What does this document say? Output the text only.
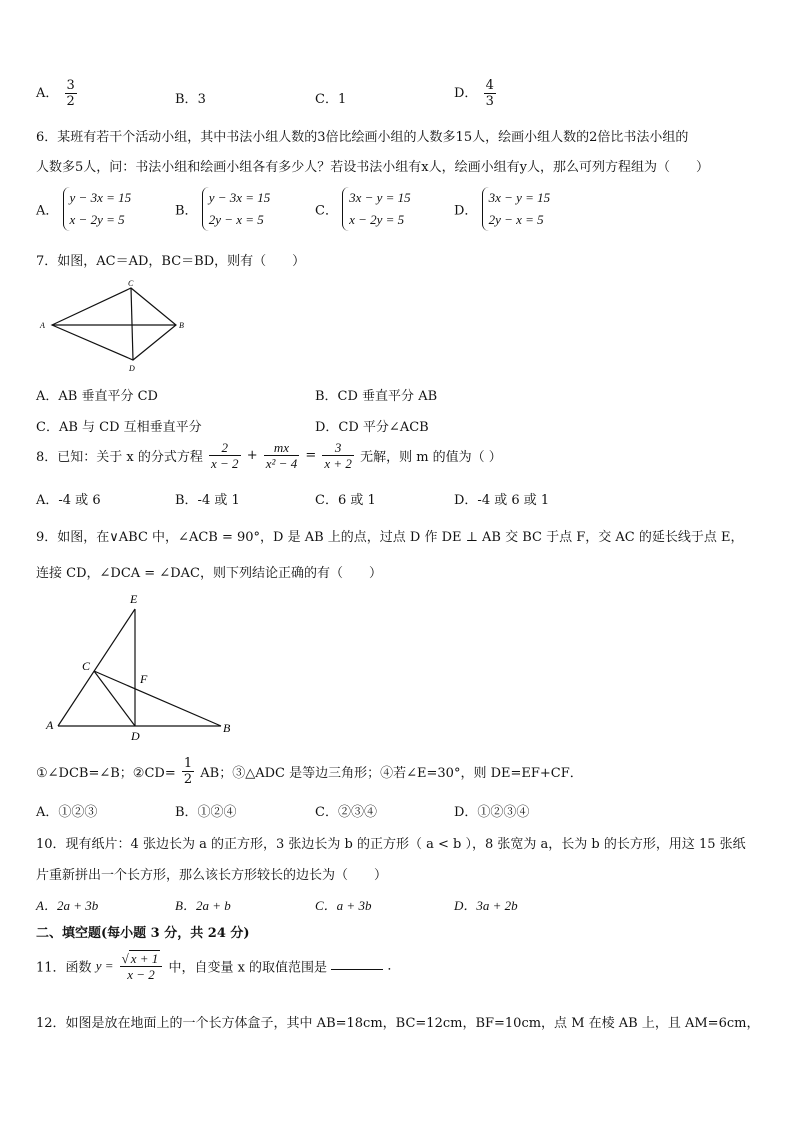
A． $\frac{3}{2}$	B．3	C．1	D． $\frac{4}{3}$
6．某班有若干个活动小组，其中书法小组人数的3倍比绘画小组的人数多15人，绘画小组人数的2倍比书法小组的
人数多5人，问：书法小组和绘画小组各有多少人？若设书法小组有x人，绘画小组有y人，那么可列方程组为（　　）
A．
y − 3x = 15
x − 2y = 5
B．
y − 3x = 15
2y − x = 5
C．
3x − y = 15
x − 2y = 5
D．
3x − y = 15
2y − x = 5
7．如图，AC＝AD，BC＝BD，则有（　　）
C
A	B
D
A．AB 垂直平分 CD	B．CD 垂直平分 AB
C．AB 与 CD 互相垂直平分	D．CD 平分∠ACB
8．已知：关于 x 的分式方程 $\frac{2}{x - 2} + \frac{mx}{\text{x² − 4}} = \frac{3}{x + 2}$ 无解，则 m 的值为（ ）
A．-4 或 6	B．-4 或 1	C．6 或 1	D．-4 或 6 或 1
9．如图，在∨ABC 中，∠ACB = 90°，D 是 AB 上的点，过点 D 作 DE ⊥ AB 交 BC 于点 F，交 AC 的延长线于点 E，
连接 CD，∠DCA = ∠DAC，则下列结论正确的有（　　）
E
C
F
A
D
B
①∠DCB=∠B；②CD= $\frac{1}{2}$ AB；③△ADC 是等边三角形；④若∠E=30°，则 DE=EF+CF．
A．①②③	B．①②④	C．②③④	D．①②③④
10．现有纸片：4 张边长为 a 的正方形，3 张边长为 b 的正方形（ a < b ），8 张宽为 a，长为 b 的长方形，用这 15 张纸
片重新拼出一个长方形，那么该长方形较长的边长为（　　）
A．2a + 3b	B．2a + b	C．a + 3b	D．3a + 2b
二、填空题(每小题 3 分，共 24 分)
11．函数 $y = \frac{√ x + 1}{x - 2}$ 中，自变量 x 的取值范围是	．
12．如图是放在地面上的一个长方体盒子，其中 AB=18cm，BC=12cm，BF=10cm，点 M 在棱 AB 上，且 AM=6cm，
